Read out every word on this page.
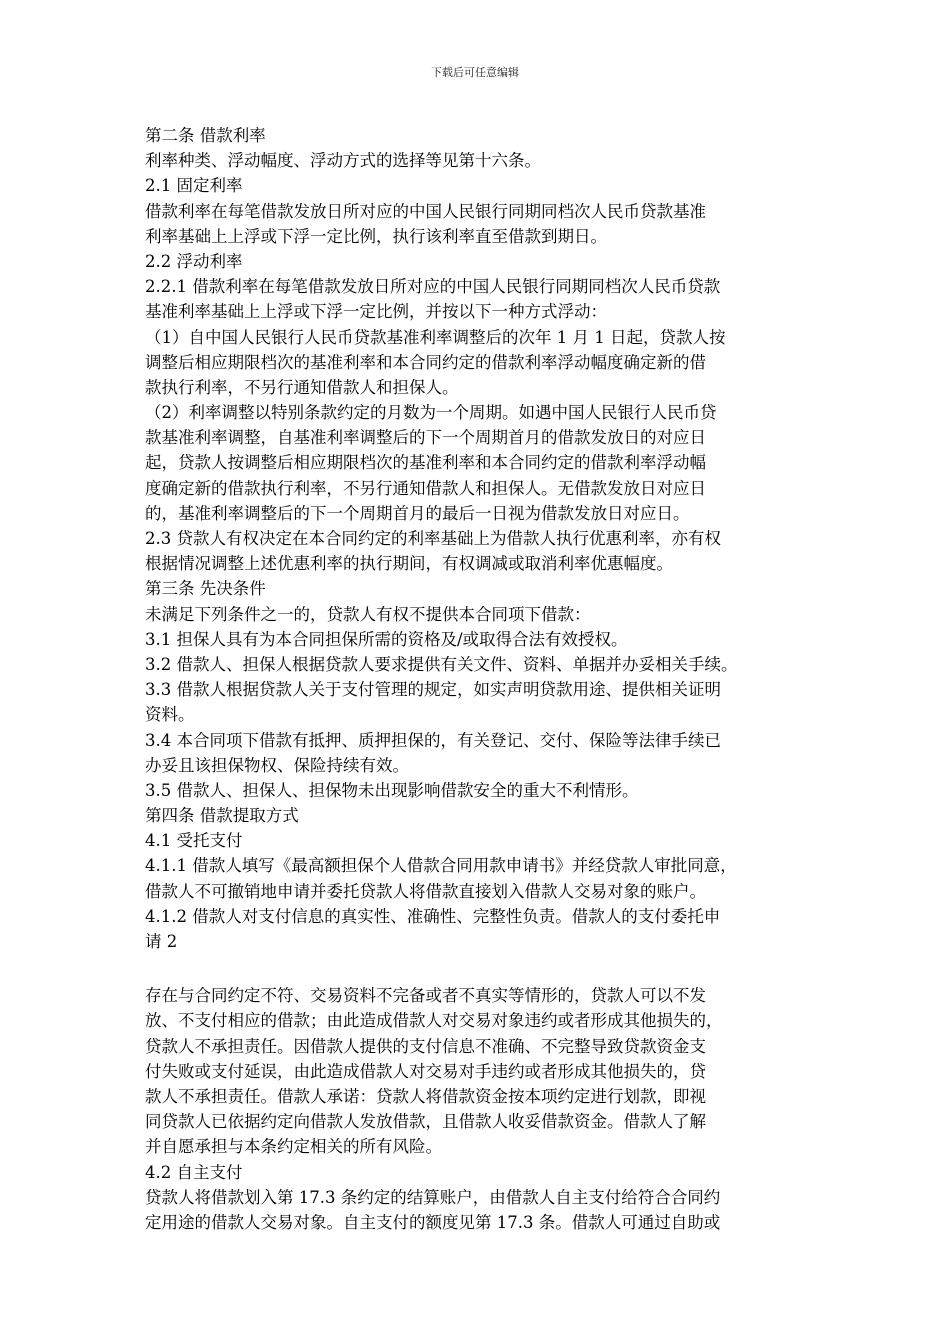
下载后可任意编辑
第二条 借款利率
利率种类、浮动幅度、浮动方式的选择等见第十六条。
2.1 固定利率
借款利率在每笔借款发放日所对应的中国人民银行同期同档次人民币贷款基准
利率基础上上浮或下浮一定比例，执行该利率直至借款到期日。
2.2 浮动利率
2.2.1 借款利率在每笔借款发放日所对应的中国人民银行同期同档次人民币贷款
基准利率基础上上浮或下浮一定比例，并按以下一种方式浮动：
（1）自中国人民银行人民币贷款基准利率调整后的次年 1 月 1 日起，贷款人按
调整后相应期限档次的基准利率和本合同约定的借款利率浮动幅度确定新的借
款执行利率，不另行通知借款人和担保人。
（2）利率调整以特别条款约定的月数为一个周期。如遇中国人民银行人民币贷
款基准利率调整，自基准利率调整后的下一个周期首月的借款发放日的对应日
起，贷款人按调整后相应期限档次的基准利率和本合同约定的借款利率浮动幅
度确定新的借款执行利率，不另行通知借款人和担保人。无借款发放日对应日
的，基准利率调整后的下一个周期首月的最后一日视为借款发放日对应日。
2.3 贷款人有权决定在本合同约定的利率基础上为借款人执行优惠利率，亦有权
根据情况调整上述优惠利率的执行期间，有权调减或取消利率优惠幅度。
第三条 先决条件
未满足下列条件之一的，贷款人有权不提供本合同项下借款：
3.1 担保人具有为本合同担保所需的资格及/或取得合法有效授权。
3.2 借款人、担保人根据贷款人要求提供有关文件、资料、单据并办妥相关手续。
3.3 借款人根据贷款人关于支付管理的规定，如实声明贷款用途、提供相关证明
资料。
3.4 本合同项下借款有抵押、质押担保的，有关登记、交付、保险等法律手续已
办妥且该担保物权、保险持续有效。
3.5 借款人、担保人、担保物未出现影响借款安全的重大不利情形。
第四条 借款提取方式
4.1 受托支付
4.1.1 借款人填写《最高额担保个人借款合同用款申请书》并经贷款人审批同意，
借款人不可撤销地申请并委托贷款人将借款直接划入借款人交易对象的账户。
4.1.2 借款人对支付信息的真实性、准确性、完整性负责。借款人的支付委托申
请 2
存在与合同约定不符、交易资料不完备或者不真实等情形的，贷款人可以不发
放、不支付相应的借款；由此造成借款人对交易对象违约或者形成其他损失的，
贷款人不承担责任。因借款人提供的支付信息不准确、不完整导致贷款资金支
付失败或支付延误，由此造成借款人对交易对手违约或者形成其他损失的，贷
款人不承担责任。借款人承诺：贷款人将借款资金按本项约定进行划款，即视
同贷款人已依据约定向借款人发放借款，且借款人收妥借款资金。借款人了解
并自愿承担与本条约定相关的所有风险。
4.2 自主支付
贷款人将借款划入第 17.3 条约定的结算账户，由借款人自主支付给符合合同约
定用途的借款人交易对象。自主支付的额度见第 17.3 条。借款人可通过自助或
